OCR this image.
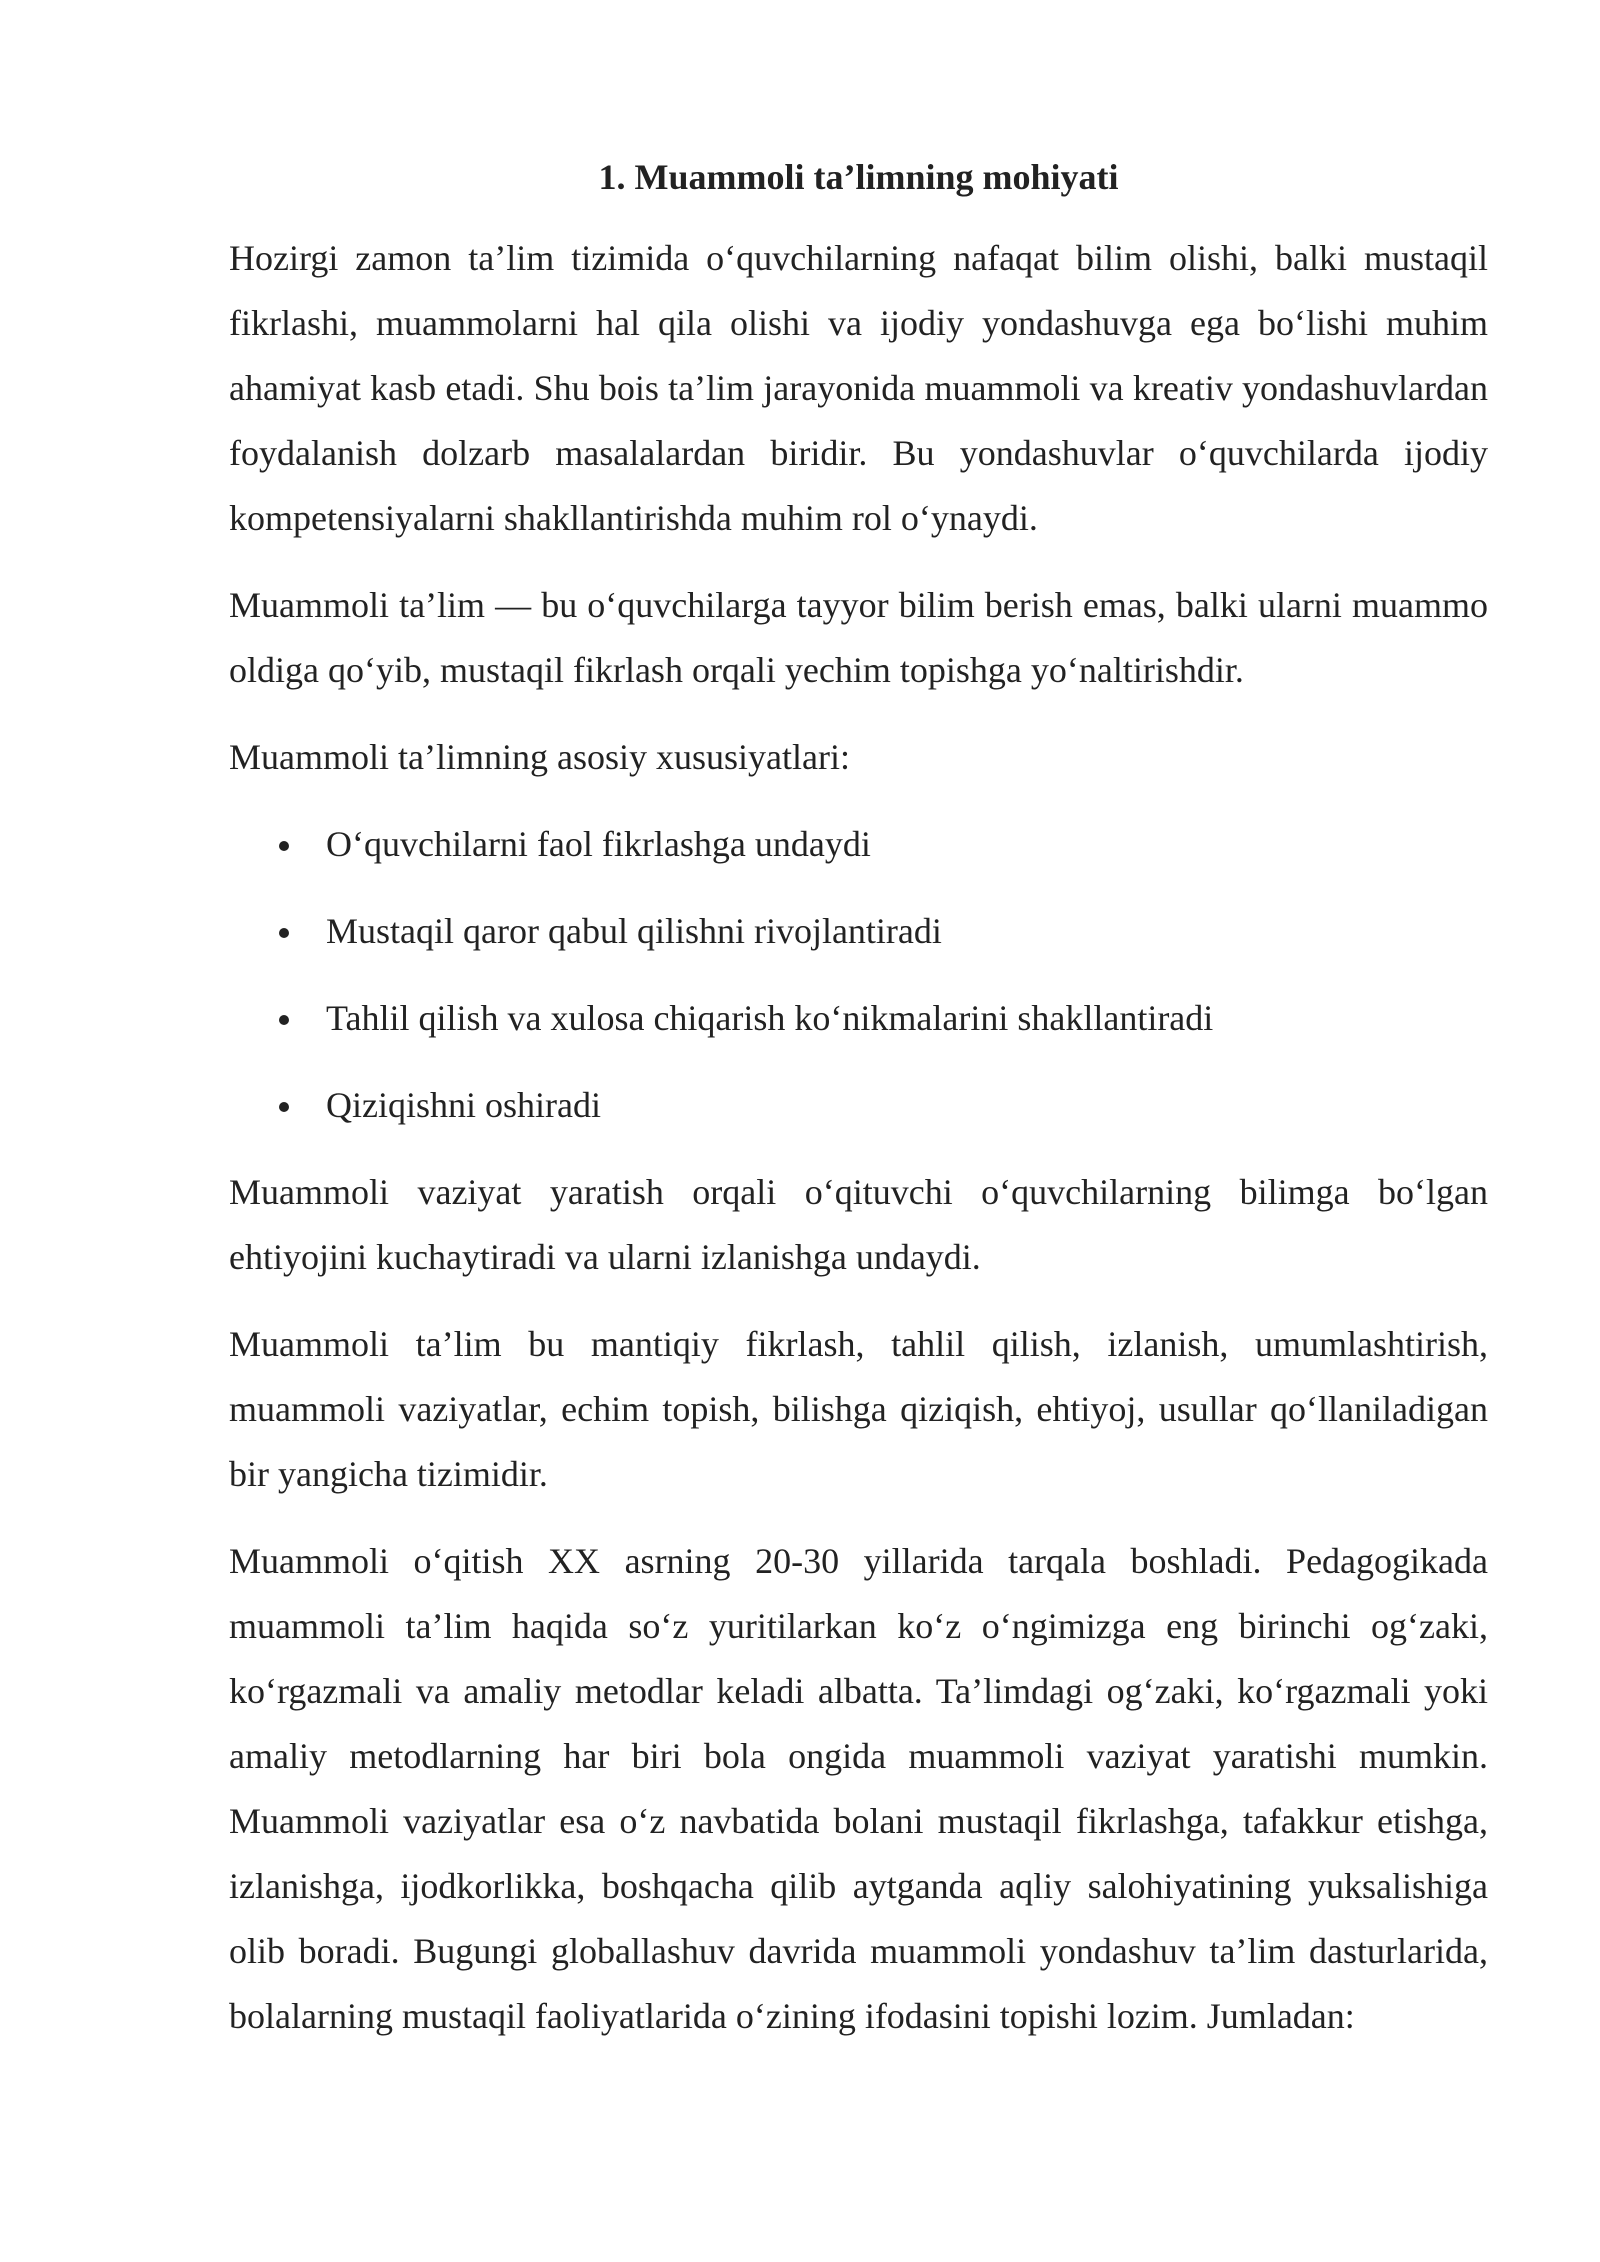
1. Muammoli ta’limning mohiyati

Hozirgi zamon ta’lim tizimida o‘quvchilarning nafaqat bilim olishi, balki mustaqil fikrlashi, muammolarni hal qila olishi va ijodiy yondashuvga ega bo‘lishi muhim ahamiyat kasb etadi. Shu bois ta’lim jarayonida muammoli va kreativ yondashuvlardan foydalanish dolzarb masalalardan biridir. Bu yondashuvlar o‘quvchilarda ijodiy kompetensiyalarni shakllantirishda muhim rol o‘ynaydi.

Muammoli ta’lim — bu o‘quvchilarga tayyor bilim berish emas, balki ularni muammo oldiga qo‘yib, mustaqil fikrlash orqali yechim topishga yo‘naltirishdir.

Muammoli ta’limning asosiy xususiyatlari:

O‘quvchilarni faol fikrlashga undaydi
Mustaqil qaror qabul qilishni rivojlantiradi
Tahlil qilish va xulosa chiqarish ko‘nikmalarini shakllantiradi
Qiziqishni oshiradi

Muammoli vaziyat yaratish orqali o‘qituvchi o‘quvchilarning bilimga bo‘lgan ehtiyojini kuchaytiradi va ularni izlanishga undaydi.

Muammoli ta’lim bu mantiqiy fikrlash, tahlil qilish, izlanish, umumlashtirish, muammoli vaziyatlar, echim topish, bilishga qiziqish, ehtiyoj, usullar qo‘llaniladigan bir yangicha tizimidir.

Muammoli o‘qitish XX asrning 20-30 yillarida tarqala boshladi. Pedagogikada muammoli ta’lim haqida so‘z yuritilarkan ko‘z o‘ngimizga eng birinchi og‘zaki, ko‘rgazmali va amaliy metodlar keladi albatta. Ta’limdagi og‘zaki, ko‘rgazmali yoki amaliy metodlarning har biri bola ongida muammoli vaziyat yaratishi mumkin. Muammoli vaziyatlar esa o‘z navbatida bolani mustaqil fikrlashga, tafakkur etishga, izlanishga, ijodkorlikka, boshqacha qilib aytganda aqliy salohiyatining yuksalishiga olib boradi. Bugungi globallashuv davrida muammoli yondashuv ta’lim dasturlarida, bolalarning mustaqil faoliyatlarida o‘zining ifodasini topishi lozim. Jumladan:
